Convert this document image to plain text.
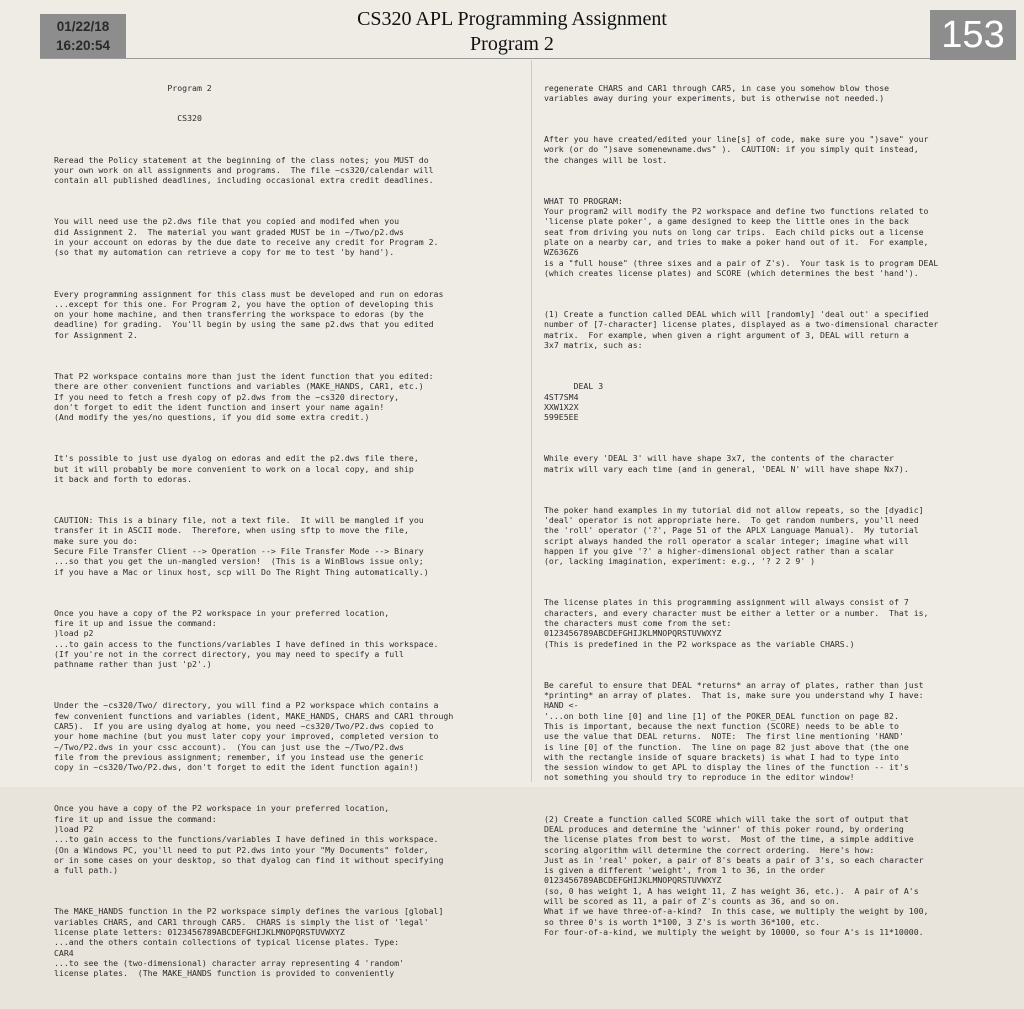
01/22/18
16:20:54	153
CS320 APL Programming Assignment
Program 2

Program 2

CS320

Reread the Policy statement at the beginning of the class notes; you MUST do
your own work on all assignments and programs.  The file ~cs320/calendar will
contain all published deadlines, including occasional extra credit deadlines.

You will need use the p2.dws file that you copied and modifed when you
did Assignment 2.  The material you want graded MUST be in ~/Two/p2.dws
in your account on edoras by the due date to receive any credit for Program 2.
(so that my automation can retrieve a copy for me to test 'by hand').

Every programming assignment for this class must be developed and run on edoras
...except for this one. For Program 2, you have the option of developing this
on your home machine, and then transferring the workspace to edoras (by the
deadline) for grading.  You'll begin by using the same p2.dws that you edited
for Assignment 2.

That P2 workspace contains more than just the ident function that you edited:
there are other convenient functions and variables (MAKE_HANDS, CAR1, etc.)
If you need to fetch a fresh copy of p2.dws from the ~cs320 directory,
don't forget to edit the ident function and insert your name again!
(And modify the yes/no questions, if you did some extra credit.)

It's possible to just use dyalog on edoras and edit the p2.dws file there,
but it will probably be more convenient to work on a local copy, and ship
it back and forth to edoras.

CAUTION: This is a binary file, not a text file.  It will be mangled if you
transfer it in ASCII mode.  Therefore, when using sftp to move the file,
make sure you do:
Secure File Transfer Client --> Operation --> File Transfer Mode --> Binary
...so that you get the un-mangled version!  (This is a WinBlows issue only;
if you have a Mac or linux host, scp will Do The Right Thing automatically.)

Once you have a copy of the P2 workspace in your preferred location,
fire it up and issue the command:
)load p2
...to gain access to the functions/variables I have defined in this workspace.
(If you're not in the correct directory, you may need to specify a full
pathname rather than just 'p2'.)

Under the ~cs320/Two/ directory, you will find a P2 workspace which contains a
few convenient functions and variables (ident, MAKE_HANDS, CHARS and CAR1 through
CAR5).  If you are using dyalog at home, you need ~cs320/Two/P2.dws copied to
your home machine (but you must later copy your improved, completed version to
~/Two/P2.dws in your cssc account).  (You can just use the ~/Two/P2.dws
file from the previous assignment; remember, if you instead use the generic
copy in ~cs320/Two/P2.dws, don't forget to edit the ident function again!)

Once you have a copy of the P2 workspace in your preferred location,
fire it up and issue the command:
)load P2
...to gain access to the functions/variables I have defined in this workspace.
(On a Windows PC, you'll need to put P2.dws into your "My Documents" folder,
or in some cases on your desktop, so that dyalog can find it without specifying
a full path.)

The MAKE_HANDS function in the P2 workspace simply defines the various [global]
variables CHARS, and CAR1 through CAR5.  CHARS is simply the list of 'legal'
license plate letters: 0123456789ABCDEFGHIJKLMNOPQRSTUVWXYZ
...and the others contain collections of typical license plates. Type:
CAR4
...to see the (two-dimensional) character array representing 4 'random'
license plates.  (The MAKE_HANDS function is provided to conveniently

regenerate CHARS and CAR1 through CAR5, in case you somehow blow those
variables away during your experiments, but is otherwise not needed.)

After you have created/edited your line[s] of code, make sure you ")save" your
work (or do ")save somenewname.dws" ).  CAUTION: if you simply quit instead,
the changes will be lost.

WHAT TO PROGRAM:
Your program2 will modify the P2 workspace and define two functions related to
'license plate poker', a game designed to keep the little ones in the back
seat from driving you nuts on long car trips.  Each child picks out a license
plate on a nearby car, and tries to make a poker hand out of it.  For example,
WZ636Z6
is a "full house" (three sixes and a pair of Z's).  Your task is to program DEAL
(which creates license plates) and SCORE (which determines the best 'hand').

(1) Create a function called DEAL which will [randomly] 'deal out' a specified
number of [7-character] license plates, displayed as a two-dimensional character
matrix.  For example, when given a right argument of 3, DEAL will return a
3x7 matrix, such as:

DEAL 3
4ST7SM4
XXW1X2X
599E5EE

While every 'DEAL 3' will have shape 3x7, the contents of the character
matrix will vary each time (and in general, 'DEAL N' will have shape Nx7).

The poker hand examples in my tutorial did not allow repeats, so the [dyadic]
'deal' operator is not appropriate here.  To get random numbers, you'll need
the 'roll' operator ('?', Page 51 of the APLX Language Manual).  My tutorial
script always handed the roll operator a scalar integer; imagine what will
happen if you give '?' a higher-dimensional object rather than a scalar
(or, lacking imagination, experiment: e.g., '? 2 2 9' )

The license plates in this programming assignment will always consist of 7
characters, and every character must be either a letter or a number.  That is,
the characters must come from the set:
0123456789ABCDEFGHIJKLMNOPQRSTUVWXYZ
(This is predefined in the P2 workspace as the variable CHARS.)

Be careful to ensure that DEAL *returns* an array of plates, rather than just
*printing* an array of plates.  That is, make sure you understand why I have:
HAND <-
'...on both line [0] and line [1] of the POKER_DEAL function on page 82.
This is important, because the next function (SCORE) needs to be able to
use the value that DEAL returns.  NOTE:  The first line mentioning 'HAND'
is line [0] of the function.  The line on page 82 just above that (the one
with the rectangle inside of square brackets) is what I had to type into
the session window to get APL to display the lines of the function -- it's
not something you should try to reproduce in the editor window!

(2) Create a function called SCORE which will take the sort of output that
DEAL produces and determine the 'winner' of this poker round, by ordering
the license plates from best to worst.  Most of the time, a simple additive
scoring algorithm will determine the correct ordering.  Here's how:
Just as in 'real' poker, a pair of 8's beats a pair of 3's, so each character
is given a different 'weight', from 1 to 36, in the order
0123456789ABCDEFGHIJKLMNOPQRSTUVWXYZ
(so, 0 has weight 1, A has weight 11, Z has weight 36, etc.).  A pair of A's
will be scored as 11, a pair of Z's counts as 36, and so on.
What if we have three-of-a-kind?  In this case, we multiply the weight by 100,
so three 0's is worth 1*100, 3 Z's is worth 36*100, etc.
For four-of-a-kind, we multiply the weight by 10000, so four A's is 11*10000.
